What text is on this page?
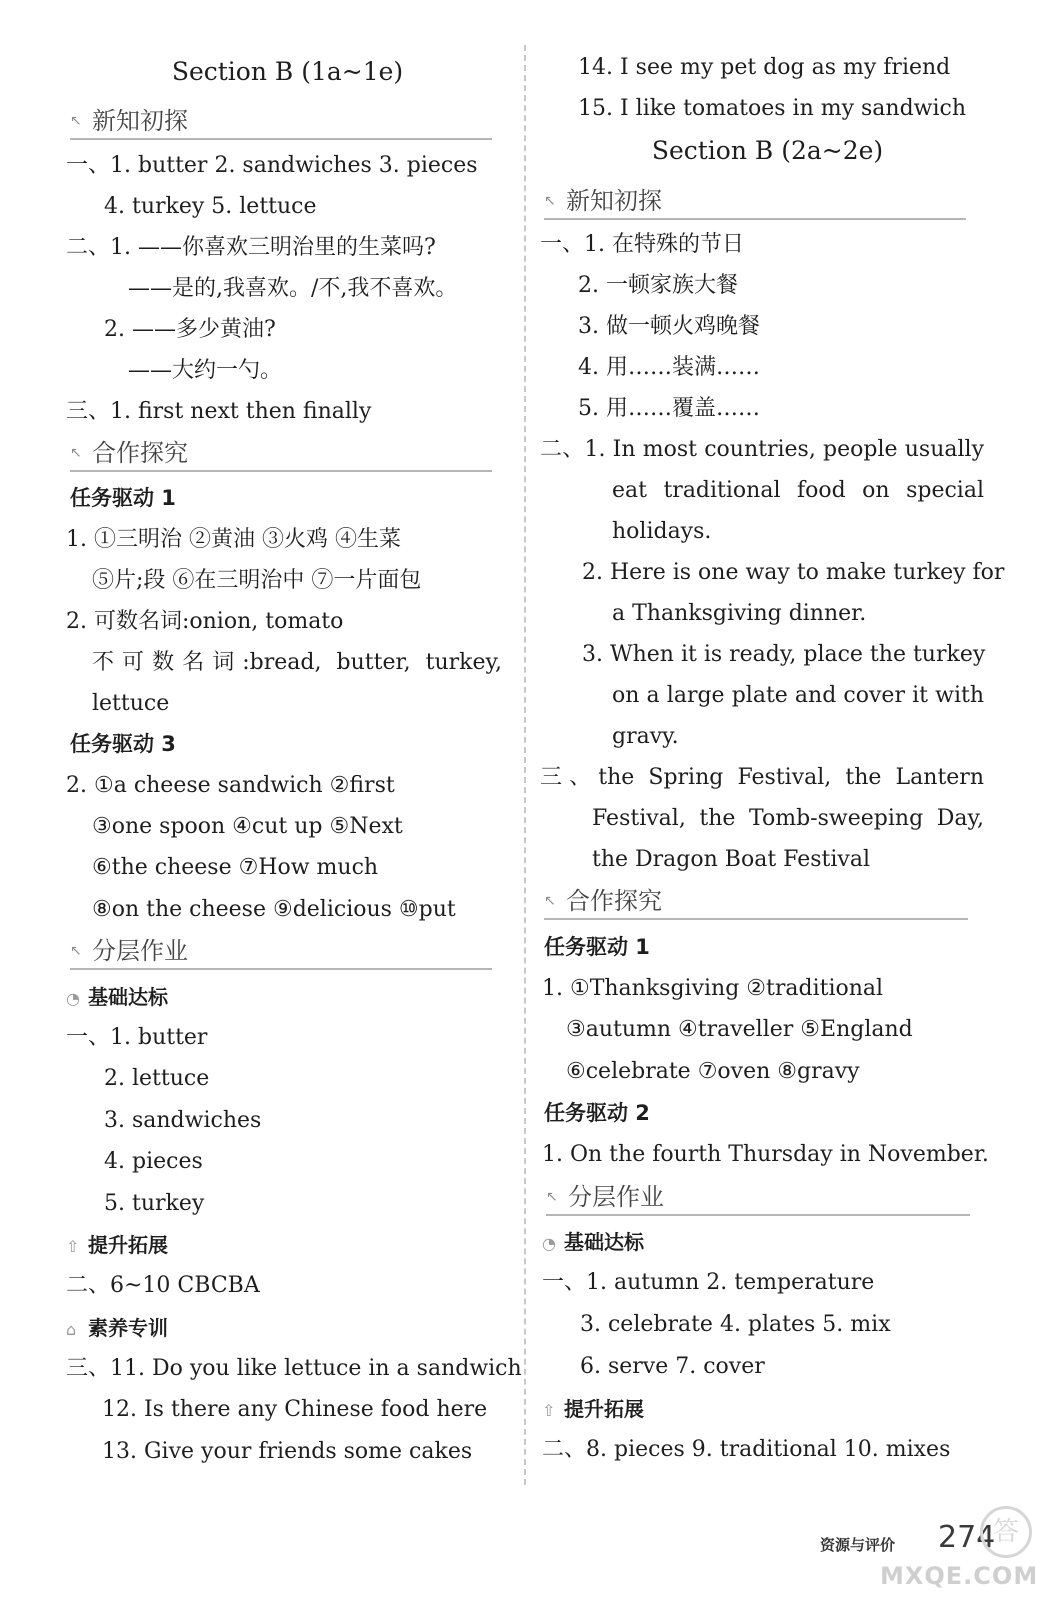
Section B (1a~1e)
↖ 新知初探
一、1. butter 2. sandwiches 3. pieces
4. turkey 5. lettuce
二、1. ——你喜欢三明治里的生菜吗?
——是的,我喜欢。/不,我不喜欢。
2. ——多少黄油?
——大约一勺。
三、1. first next then finally
↖ 合作探究
任务驱动 1
1. ①三明治 ②黄油 ③火鸡 ④生菜
⑤片;段 ⑥在三明治中 ⑦一片面包
2. 可数名词:onion, tomato
不可数名词:bread, butter, turkey,
lettuce
任务驱动 3
2. ①a cheese sandwich ②first
③one spoon ④cut up ⑤Next
⑥the cheese ⑦How much
⑧on the cheese ⑨delicious ⑩put
↖ 分层作业
◔ 基础达标
一、1. butter
2. lettuce
3. sandwiches
4. pieces
5. turkey
⇧ 提升拓展
二、6~10 CBCBA
⌂ 素养专训
三、11. Do you like lettuce in a sandwich
12. Is there any Chinese food here
13. Give your friends some cakes
14. I see my pet dog as my friend
15. I like tomatoes in my sandwich
Section B (2a~2e)
↖ 新知初探
一、1. 在特殊的节日
2. 一顿家族大餐
3. 做一顿火鸡晚餐
4. 用……装满……
5. 用……覆盖……
二、1. In most countries, people usually
eat traditional food on special
holidays.
2. Here is one way to make turkey for
a Thanksgiving dinner.
3. When it is ready, place the turkey
on a large plate and cover it with
gravy.
三、the Spring Festival, the Lantern
Festival, the Tomb-sweeping Day,
the Dragon Boat Festival
↖ 合作探究
任务驱动 1
1. ①Thanksgiving ②traditional
③autumn ④traveller ⑤England
⑥celebrate ⑦oven ⑧gravy
任务驱动 2
1. On the fourth Thursday in November.
↖ 分层作业
◔ 基础达标
一、1. autumn 2. temperature
3. celebrate 4. plates 5. mix
6. serve 7. cover
⇧ 提升拓展
二、8. pieces 9. traditional 10. mixes
资源与评价 274
答
MXQE.COM
